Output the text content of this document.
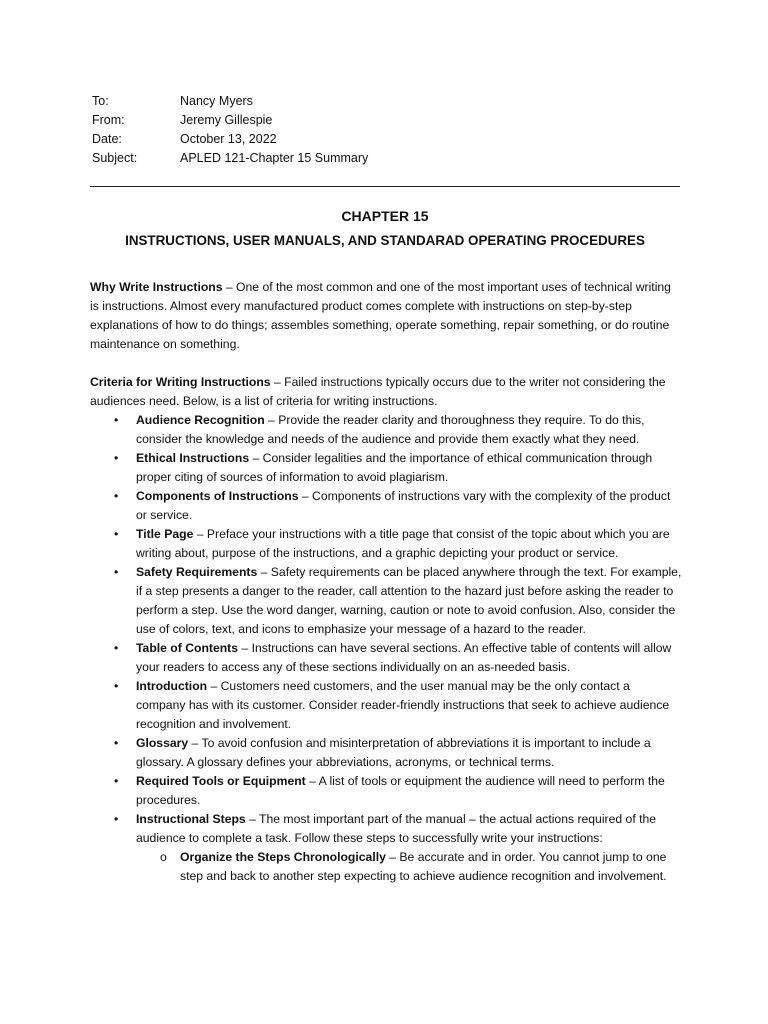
To:	Nancy Myers
From:	Jeremy Gillespie
Date:	October 13, 2022
Subject:	APLED 121-Chapter 15 Summary
CHAPTER 15
INSTRUCTIONS, USER MANUALS, AND STANDARAD OPERATING PROCEDURES

Why Write Instructions – One of the most common and one of the most important uses of technical writing is instructions. Almost every manufactured product comes complete with instructions on step-by-step explanations of how to do things; assembles something, operate something, repair something, or do routine maintenance on something.

Criteria for Writing Instructions – Failed instructions typically occurs due to the writer not considering the audiences need. Below, is a list of criteria for writing instructions.

• Audience Recognition – Provide the reader clarity and thoroughness they require. To do this, consider the knowledge and needs of the audience and provide them exactly what they need.
• Ethical Instructions – Consider legalities and the importance of ethical communication through proper citing of sources of information to avoid plagiarism.
• Components of Instructions – Components of instructions vary with the complexity of the product or service.
• Title Page – Preface your instructions with a title page that consist of the topic about which you are writing about, purpose of the instructions, and a graphic depicting your product or service.
• Safety Requirements – Safety requirements can be placed anywhere through the text. For example, if a step presents a danger to the reader, call attention to the hazard just before asking the reader to perform a step. Use the word danger, warning, caution or note to avoid confusion. Also, consider the use of colors, text, and icons to emphasize your message of a hazard to the reader.
• Table of Contents – Instructions can have several sections. An effective table of contents will allow your readers to access any of these sections individually on an as-needed basis.
• Introduction – Customers need customers, and the user manual may be the only contact a company has with its customer. Consider reader-friendly instructions that seek to achieve audience recognition and involvement.
• Glossary – To avoid confusion and misinterpretation of abbreviations it is important to include a glossary. A glossary defines your abbreviations, acronyms, or technical terms.
• Required Tools or Equipment – A list of tools or equipment the audience will need to perform the procedures.
• Instructional Steps – The most important part of the manual – the actual actions required of the audience to complete a task. Follow these steps to successfully write your instructions:
o Organize the Steps Chronologically – Be accurate and in order. You cannot jump to one step and back to another step expecting to achieve audience recognition and involvement.
